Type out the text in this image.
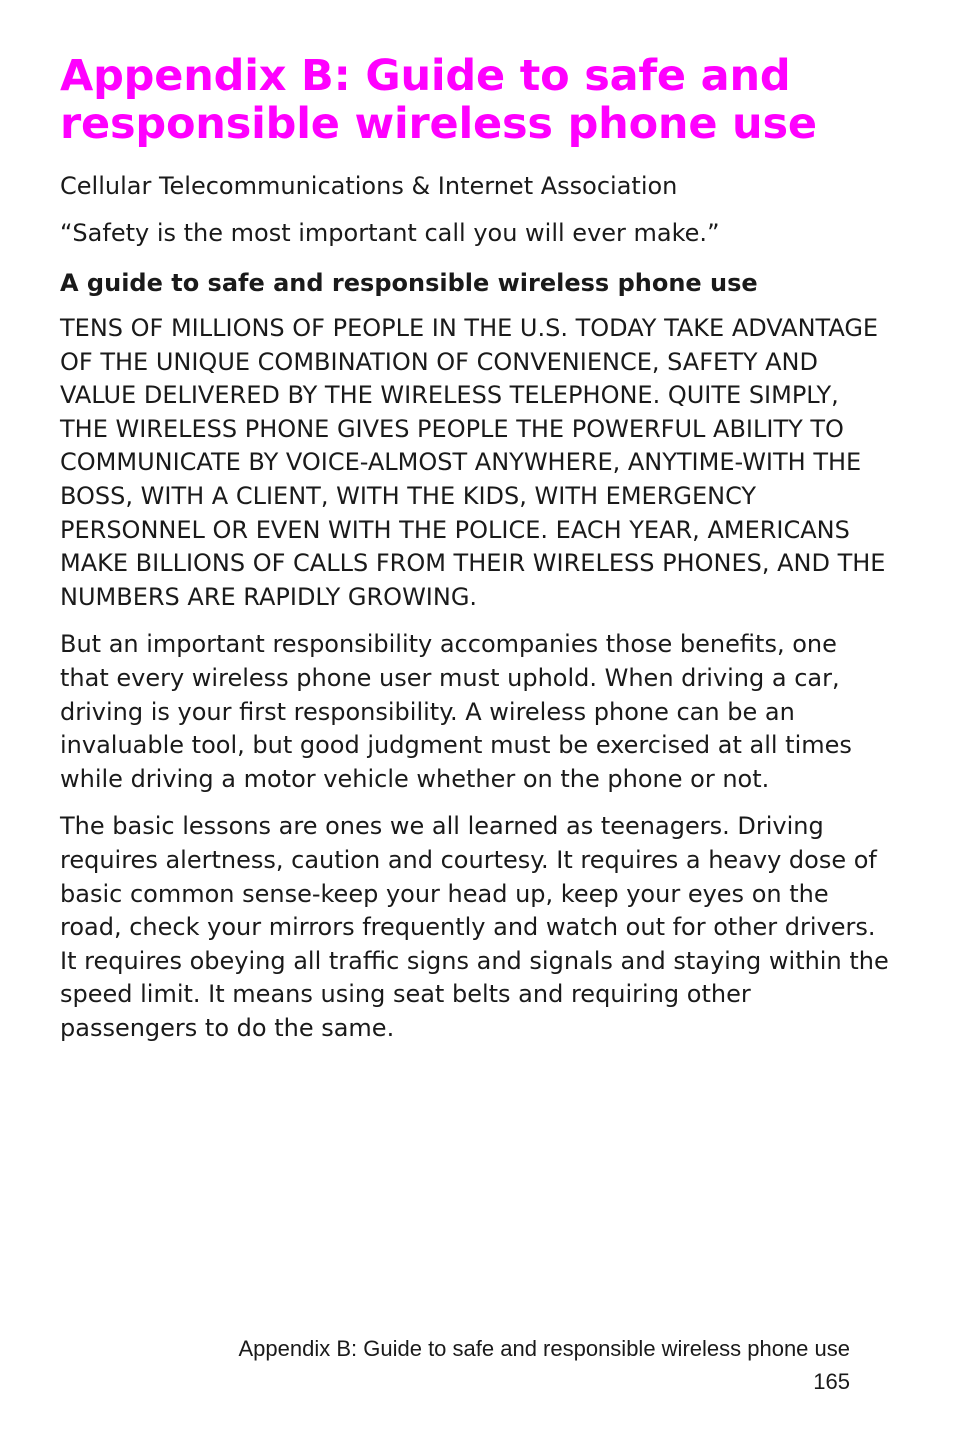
Appendix B: Guide to safe and responsible wireless phone use

Cellular Telecommunications & Internet Association

“Safety is the most important call you will ever make.”

A guide to safe and responsible wireless phone use

TENS OF MILLIONS OF PEOPLE IN THE U.S. TODAY TAKE ADVANTAGE OF THE UNIQUE COMBINATION OF CONVENIENCE, SAFETY AND VALUE DELIVERED BY THE WIRELESS TELEPHONE. QUITE SIMPLY, THE WIRELESS PHONE GIVES PEOPLE THE POWERFUL ABILITY TO COMMUNICATE BY VOICE-ALMOST ANYWHERE, ANYTIME-WITH THE BOSS, WITH A CLIENT, WITH THE KIDS, WITH EMERGENCY PERSONNEL OR EVEN WITH THE POLICE. EACH YEAR, AMERICANS MAKE BILLIONS OF CALLS FROM THEIR WIRELESS PHONES, AND THE NUMBERS ARE RAPIDLY GROWING.

But an important responsibility accompanies those benefits, one that every wireless phone user must uphold. When driving a car, driving is your first responsibility. A wireless phone can be an invaluable tool, but good judgment must be exercised at all times while driving a motor vehicle whether on the phone or not.

The basic lessons are ones we all learned as teenagers. Driving requires alertness, caution and courtesy. It requires a heavy dose of basic common sense-keep your head up, keep your eyes on the road, check your mirrors frequently and watch out for other drivers. It requires obeying all traffic signs and signals and staying within the speed limit. It means using seat belts and requiring other passengers to do the same.

Appendix B: Guide to safe and responsible wireless phone use
165
